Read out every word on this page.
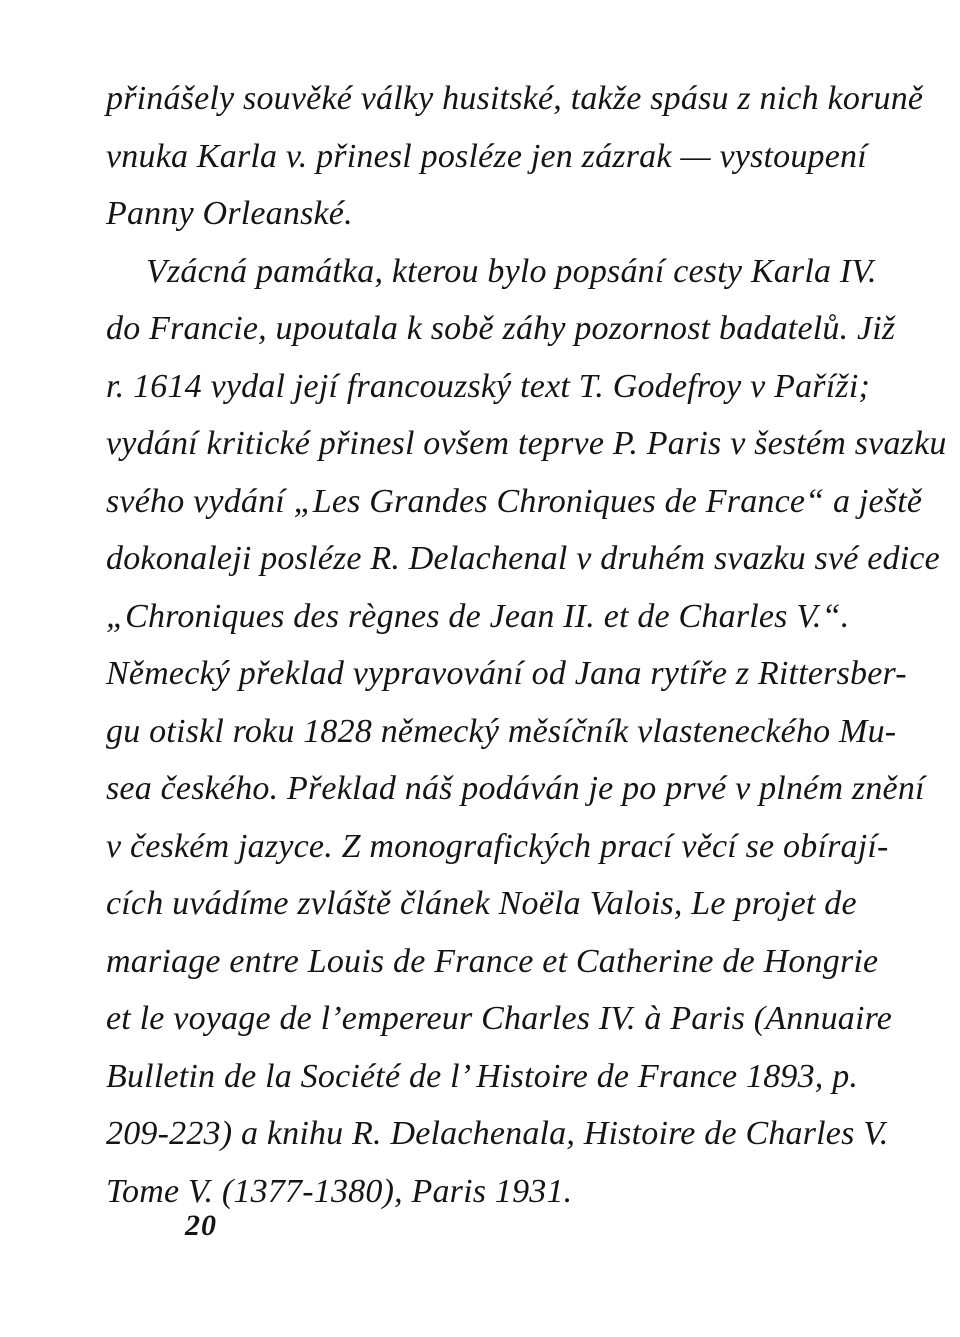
přinášely souvěké války husitské, takže spásu z nich koruně
vnuka Karla v. přinesl posléze jen zázrak — vystoupení
Panny Orleanské.
Vzácná památka, kterou bylo popsání cesty Karla IV.
do Francie, upoutala k sobě záhy pozornost badatelů. Již
r. 1614 vydal její francouzský text T. Godefroy v Paříži;
vydání kritické přinesl ovšem teprve P. Paris v šestém svazku
svého vydání „Les Grandes Chroniques de France“ a ještě
dokonaleji posléze R. Delachenal v druhém svazku své edice
„Chroniques des règnes de Jean II. et de Charles V.“.
Německý překlad vypravování od Jana rytíře z Rittersber-
gu otiskl roku 1828 německý měsíčník vlasteneckého Mu-
sea českého. Překlad náš podáván je po prvé v plném znění
v českém jazyce. Z monografických prací věcí se obírají-
cích uvádíme zvláště článek Noëla Valois, Le projet de
mariage entre Louis de France et Catherine de Hongrie
et le voyage de l’empereur Charles IV. à Paris (Annuaire
Bulletin de la Société de l’ Histoire de France 1893, p.
209-223) a knihu R. Delachenala, Histoire de Charles V.
Tome V. (1377-1380), Paris 1931.
20
